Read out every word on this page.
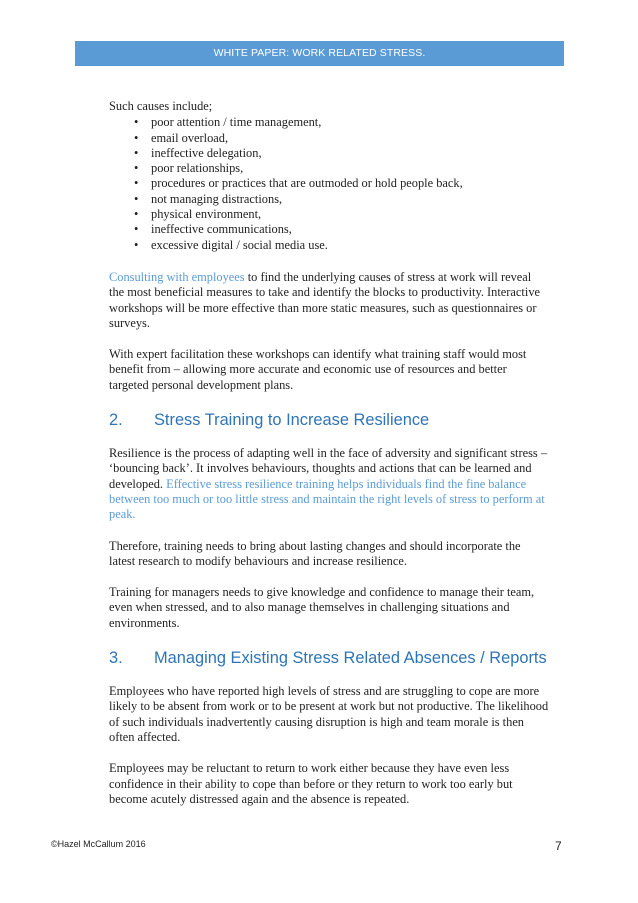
WHITE PAPER: WORK RELATED STRESS.

Such causes include;

• poor attention / time management,
• email overload,
• ineffective delegation,
• poor relationships,
• procedures or practices that are outmoded or hold people back,
• not managing distractions,
• physical environment,
• ineffective communications,
• excessive digital / social media use.

Consulting with employees to find the underlying causes of stress at work will reveal the most beneficial measures to take and identify the blocks to productivity. Interactive workshops will be more effective than more static measures, such as questionnaires or surveys.

With expert facilitation these workshops can identify what training staff would most benefit from – allowing more accurate and economic use of resources and better targeted personal development plans.

2. Stress Training to Increase Resilience

Resilience is the process of adapting well in the face of adversity and significant stress – ‘bouncing back’. It involves behaviours, thoughts and actions that can be learned and developed. Effective stress resilience training helps individuals find the fine balance between too much or too little stress and maintain the right levels of stress to perform at peak.

Therefore, training needs to bring about lasting changes and should incorporate the latest research to modify behaviours and increase resilience.

Training for managers needs to give knowledge and confidence to manage their team, even when stressed, and to also manage themselves in challenging situations and environments.

3. Managing Existing Stress Related Absences / Reports

Employees who have reported high levels of stress and are struggling to cope are more likely to be absent from work or to be present at work but not productive. The likelihood of such individuals inadvertently causing disruption is high and team morale is then often affected.

Employees may be reluctant to return to work either because they have even less confidence in their ability to cope than before or they return to work too early but become acutely distressed again and the absence is repeated.

©Hazel McCallum 2016	7
